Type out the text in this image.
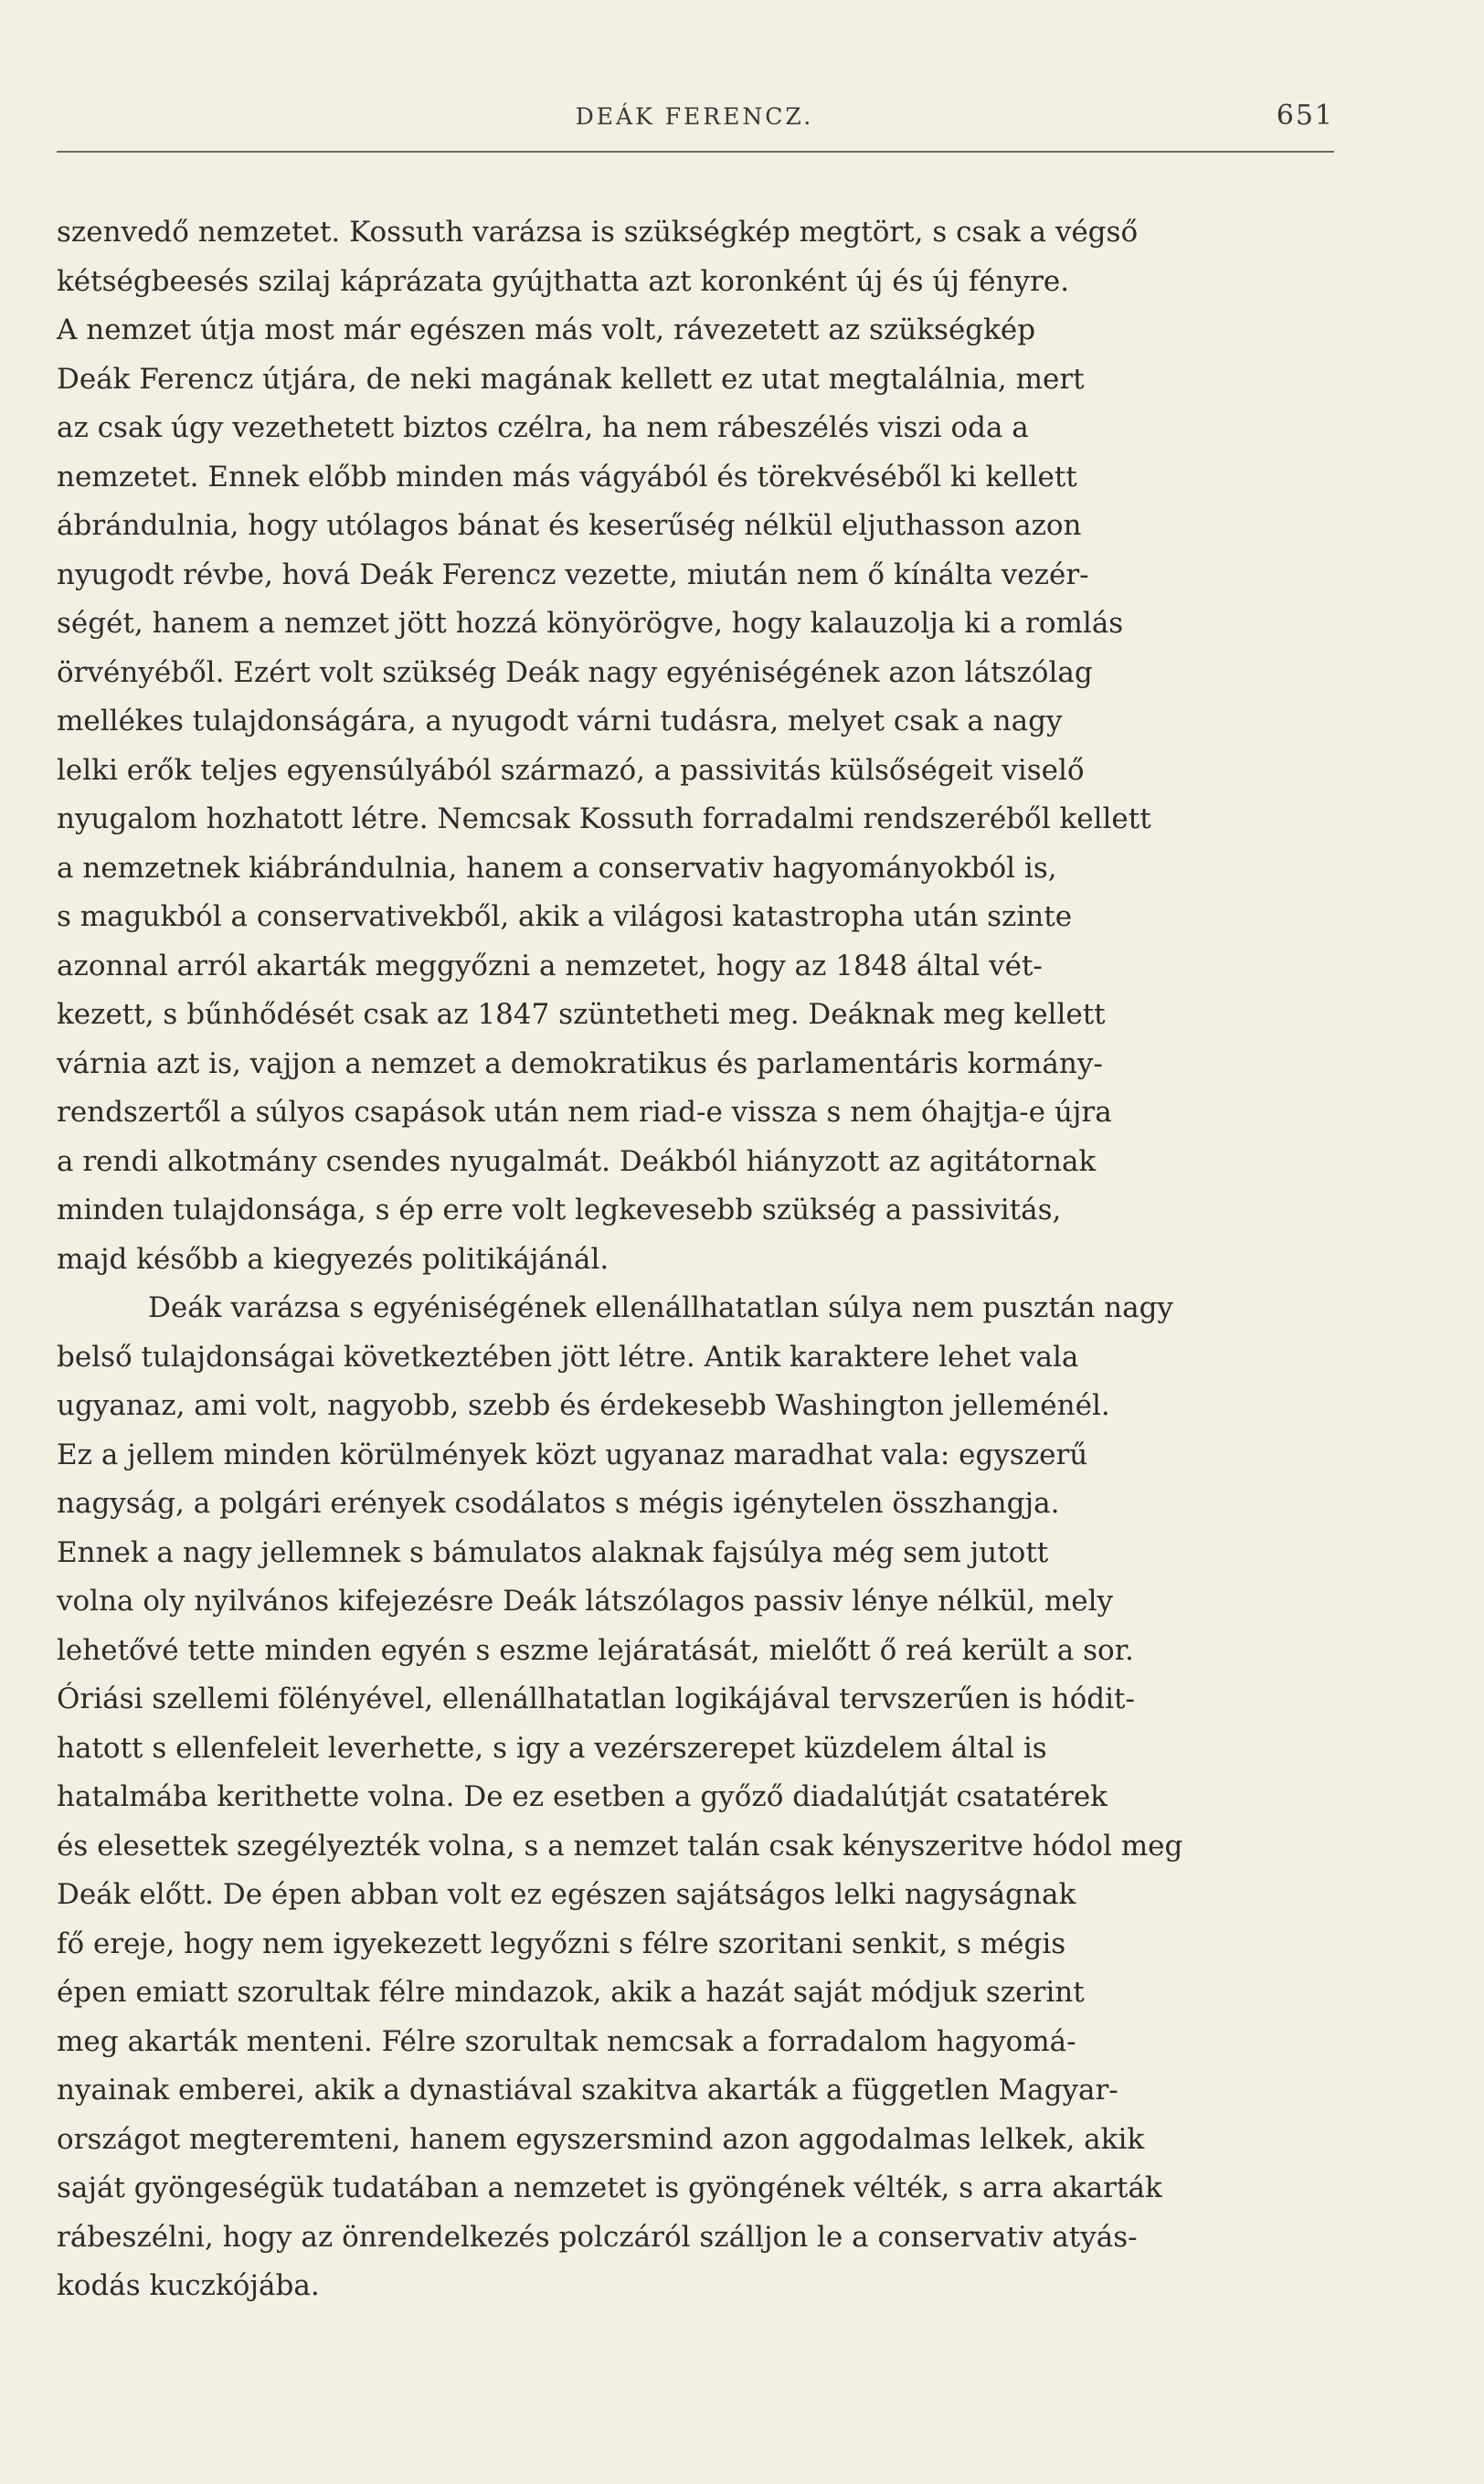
DEÁK FERENCZ.	651
szenvedő nemzetet. Kossuth varázsa is szükségkép megtört, s csak a végső
kétségbeesés szilaj káprázata gyújthatta azt koronként új és új fényre.
A nemzet útja most már egészen más volt, rávezetett az szükségkép
Deák Ferencz útjára, de neki magának kellett ez utat megtalálnia, mert
az csak úgy vezethetett biztos czélra, ha nem rábeszélés viszi oda a
nemzetet. Ennek előbb minden más vágyából és törekvéséből ki kellett
ábrándulnia, hogy utólagos bánat és keserűség nélkül eljuthasson azon
nyugodt révbe, hová Deák Ferencz vezette, miután nem ő kínálta vezér-
ségét, hanem a nemzet jött hozzá könyörögve, hogy kalauzolja ki a romlás
örvényéből. Ezért volt szükség Deák nagy egyéniségének azon látszólag
mellékes tulajdonságára, a nyugodt várni tudásra, melyet csak a nagy
lelki erők teljes egyensúlyából származó, a passivitás külsőségeit viselő
nyugalom hozhatott létre. Nemcsak Kossuth forradalmi rendszeréből kellett
a nemzetnek kiábrándulnia, hanem a conservativ hagyományokból is,
s magukból a conservativekből, akik a világosi katastropha után szinte
azonnal arról akarták meggyőzni a nemzetet, hogy az 1848 által vét-
kezett, s bűnhődését csak az 1847 szüntetheti meg. Deáknak meg kellett
várnia azt is, vajjon a nemzet a demokratikus és parlamentáris kormány-
rendszertől a súlyos csapások után nem riad-e vissza s nem óhajtja-e újra
a rendi alkotmány csendes nyugalmát. Deákból hiányzott az agitátornak
minden tulajdonsága, s ép erre volt legkevesebb szükség a passivitás,
majd később a kiegyezés politikájánál.
Deák varázsa s egyéniségének ellenállhatatlan súlya nem pusztán nagy
belső tulajdonságai következtében jött létre. Antik karaktere lehet vala
ugyanaz, ami volt, nagyobb, szebb és érdekesebb Washington jelleménél.
Ez a jellem minden körülmények közt ugyanaz maradhat vala: egyszerű
nagyság, a polgári erények csodálatos s mégis igénytelen összhangja.
Ennek a nagy jellemnek s bámulatos alaknak fajsúlya még sem jutott
volna oly nyilvános kifejezésre Deák látszólagos passiv lénye nélkül, mely
lehetővé tette minden egyén s eszme lejáratását, mielőtt ő reá került a sor.
Óriási szellemi fölényével, ellenállhatatlan logikájával tervszerűen is hódit-
hatott s ellenfeleit leverhette, s igy a vezérszerepet küzdelem által is
hatalmába kerithette volna. De ez esetben a győző diadalútját csatatérek
és elesettek szegélyezték volna, s a nemzet talán csak kényszeritve hódol meg
Deák előtt. De épen abban volt ez egészen sajátságos lelki nagyságnak
fő ereje, hogy nem igyekezett legyőzni s félre szoritani senkit, s mégis
épen emiatt szorultak félre mindazok, akik a hazát saját módjuk szerint
meg akarták menteni. Félre szorultak nemcsak a forradalom hagyomá-
nyainak emberei, akik a dynastiával szakitva akarták a független Magyar-
országot megteremteni, hanem egyszersmind azon aggodalmas lelkek, akik
saját gyöngeségük tudatában a nemzetet is gyöngének vélték, s arra akarták
rábeszélni, hogy az önrendelkezés polczáról szálljon le a conservativ atyás-
kodás kuczkójába.
